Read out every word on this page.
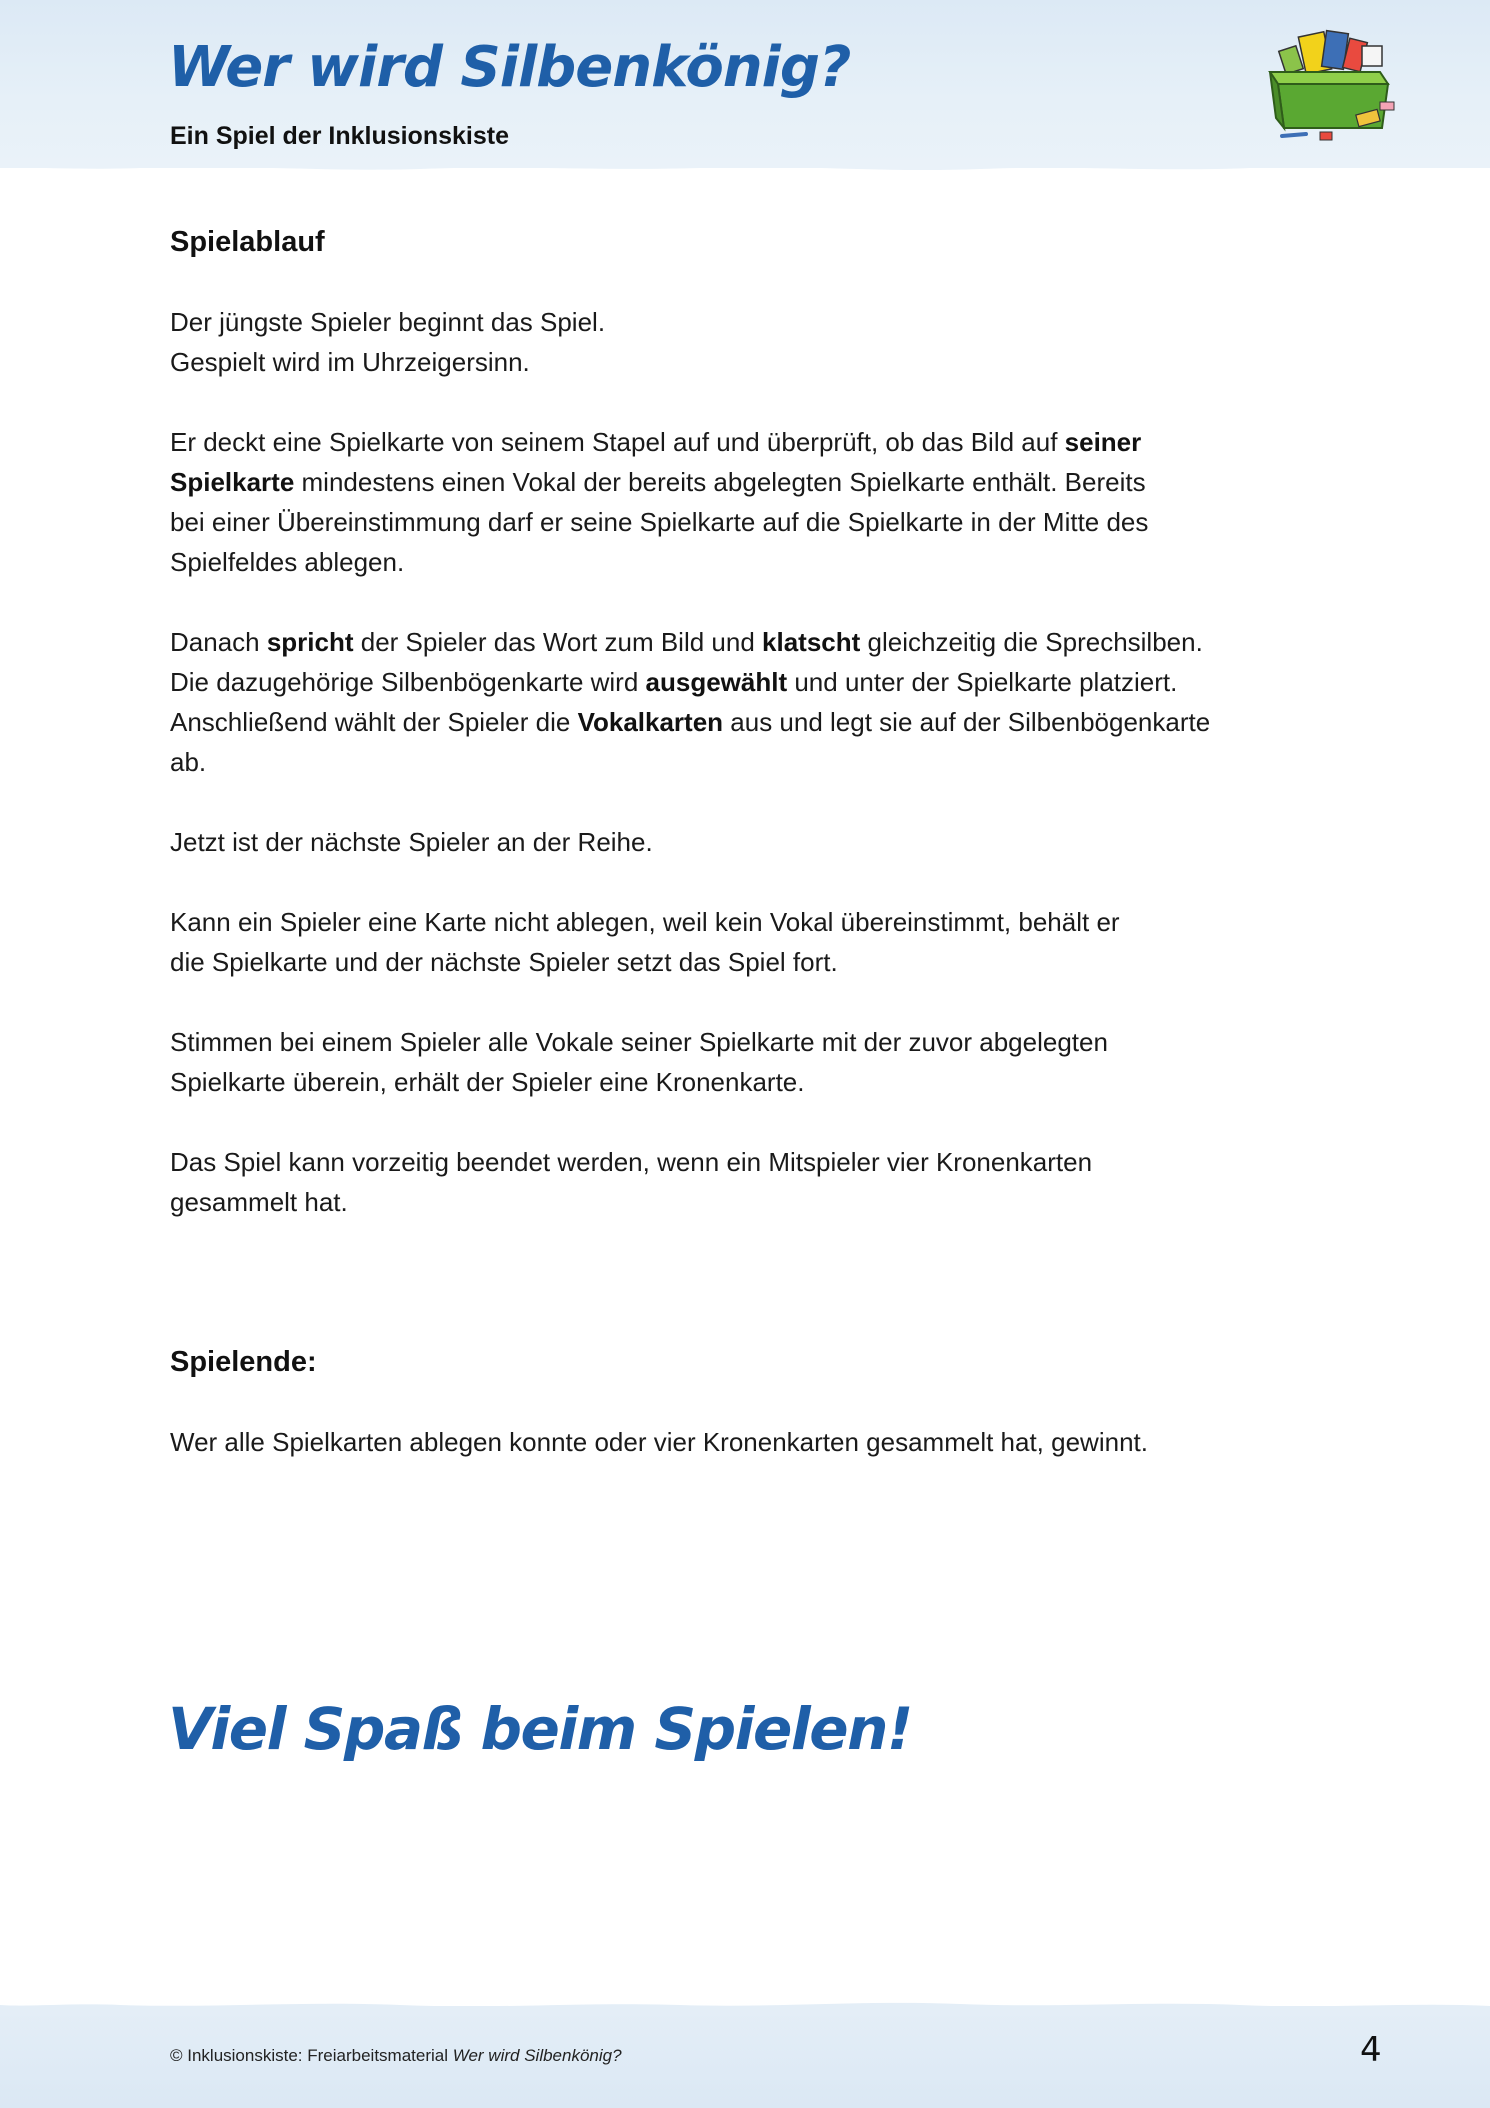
Wer wird Silbenkönig?

Ein Spiel der Inklusionskiste

Spielablauf

Der jüngste Spieler beginnt das Spiel.
Gespielt wird im Uhrzeigersinn.

Er deckt eine Spielkarte von seinem Stapel auf und überprüft, ob das Bild auf seiner
Spielkarte mindestens einen Vokal der bereits abgelegten Spielkarte enthält. Bereits
bei einer Übereinstimmung darf er seine Spielkarte auf die Spielkarte in der Mitte des
Spielfeldes ablegen.

Danach spricht der Spieler das Wort zum Bild und klatscht gleichzeitig die Sprechsilben.
Die dazugehörige Silbenbögenkarte wird ausgewählt und unter der Spielkarte platziert.
Anschließend wählt der Spieler die Vokalkarten aus und legt sie auf der Silbenbögenkarte
ab.

Jetzt ist der nächste Spieler an der Reihe.

Kann ein Spieler eine Karte nicht ablegen, weil kein Vokal übereinstimmt, behält er
die Spielkarte und der nächste Spieler setzt das Spiel fort.

Stimmen bei einem Spieler alle Vokale seiner Spielkarte mit der zuvor abgelegten
Spielkarte überein, erhält der Spieler eine Kronenkarte.

Das Spiel kann vorzeitig beendet werden, wenn ein Mitspieler vier Kronenkarten
gesammelt hat.

Spielende:

Wer alle Spielkarten ablegen konnte oder vier Kronenkarten gesammelt hat, gewinnt.

Viel Spaß beim Spielen!
© Inklusionskiste: Freiarbeitsmaterial Wer wird Silbenkönig?	4
